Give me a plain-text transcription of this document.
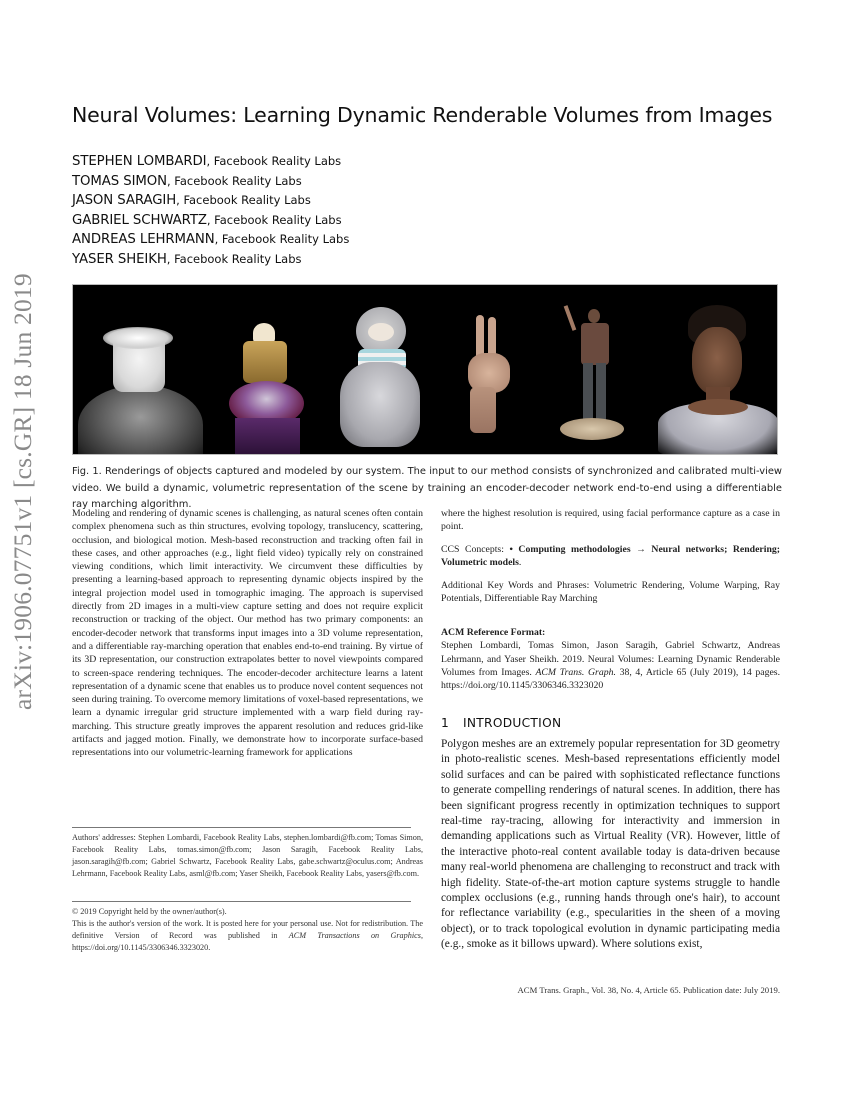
arXiv:1906.07751v1 [cs.GR] 18 Jun 2019
Neural Volumes: Learning Dynamic Renderable Volumes from Images
STEPHEN LOMBARDI, Facebook Reality Labs
TOMAS SIMON, Facebook Reality Labs
JASON SARAGIH, Facebook Reality Labs
GABRIEL SCHWARTZ, Facebook Reality Labs
ANDREAS LEHRMANN, Facebook Reality Labs
YASER SHEIKH, Facebook Reality Labs
Fig. 1. Renderings of objects captured and modeled by our system. The input to our method consists of synchronized and calibrated multi-view video. We build a dynamic, volumetric representation of the scene by training an encoder-decoder network end-to-end using a differentiable ray marching algorithm.
Modeling and rendering of dynamic scenes is challenging, as natural scenes often contain complex phenomena such as thin structures, evolving topology, translucency, scattering, occlusion, and biological motion. Mesh-based reconstruction and tracking often fail in these cases, and other approaches (e.g., light field video) typically rely on constrained viewing conditions, which limit interactivity. We circumvent these difficulties by presenting a learning-based approach to representing dynamic objects inspired by the integral projection model used in tomographic imaging. The approach is supervised directly from 2D images in a multi-view capture setting and does not require explicit reconstruction or tracking of the object. Our method has two primary components: an encoder-decoder network that transforms input images into a 3D volume representation, and a differentiable ray-marching operation that enables end-to-end training. By virtue of its 3D representation, our construction extrapolates better to novel viewpoints compared to screen-space rendering techniques. The encoder-decoder architecture learns a latent representation of a dynamic scene that enables us to produce novel content sequences not seen during training. To overcome memory limitations of voxel-based representations, we learn a dynamic irregular grid structure implemented with a warp field during ray-marching. This structure greatly improves the apparent resolution and reduces grid-like artifacts and jagged motion. Finally, we demonstrate how to incorporate surface-based representations into our volumetric-learning framework for applications

where the highest resolution is required, using facial performance capture as a case in point.

CCS Concepts: • Computing methodologies → Neural networks; Rendering; Volumetric models.

Additional Key Words and Phrases: Volumetric Rendering, Volume Warping, Ray Potentials, Differentiable Ray Marching

ACM Reference Format:
Stephen Lombardi, Tomas Simon, Jason Saragih, Gabriel Schwartz, Andreas Lehrmann, and Yaser Sheikh. 2019. Neural Volumes: Learning Dynamic Renderable Volumes from Images. ACM Trans. Graph. 38, 4, Article 65 (July 2019), 14 pages. https://doi.org/10.1145/3306346.3323020
Authors' addresses: Stephen Lombardi, Facebook Reality Labs, stephen.lombardi@fb.com; Tomas Simon, Facebook Reality Labs, tomas.simon@fb.com; Jason Saragih, Facebook Reality Labs, jason.saragih@fb.com; Gabriel Schwartz, Facebook Reality Labs, gabe.schwartz@oculus.com; Andreas Lehrmann, Facebook Reality Labs, asml@fb.com; Yaser Sheikh, Facebook Reality Labs, yasers@fb.com.
© 2019 Copyright held by the owner/author(s).
This is the author's version of the work. It is posted here for your personal use. Not for redistribution. The definitive Version of Record was published in ACM Transactions on Graphics, https://doi.org/10.1145/3306346.3323020.
1 INTRODUCTION
Polygon meshes are an extremely popular representation for 3D geometry in photo-realistic scenes. Mesh-based representations efficiently model solid surfaces and can be paired with sophisticated reflectance functions to generate compelling renderings of natural scenes. In addition, there has been significant progress recently in optimization techniques to support real-time ray-tracing, allowing for interactivity and immersion in demanding applications such as Virtual Reality (VR). However, little of the interactive photo-real content available today is data-driven because many real-world phenomena are challenging to reconstruct and track with high fidelity. State-of-the-art motion capture systems struggle to handle complex occlusions (e.g., running hands through one's hair), to account for reflectance variability (e.g., specularities in the sheen of a moving object), or to track topological evolution in dynamic participating media (e.g., smoke as it billows upward). Where solutions exist,
ACM Trans. Graph., Vol. 38, No. 4, Article 65. Publication date: July 2019.
